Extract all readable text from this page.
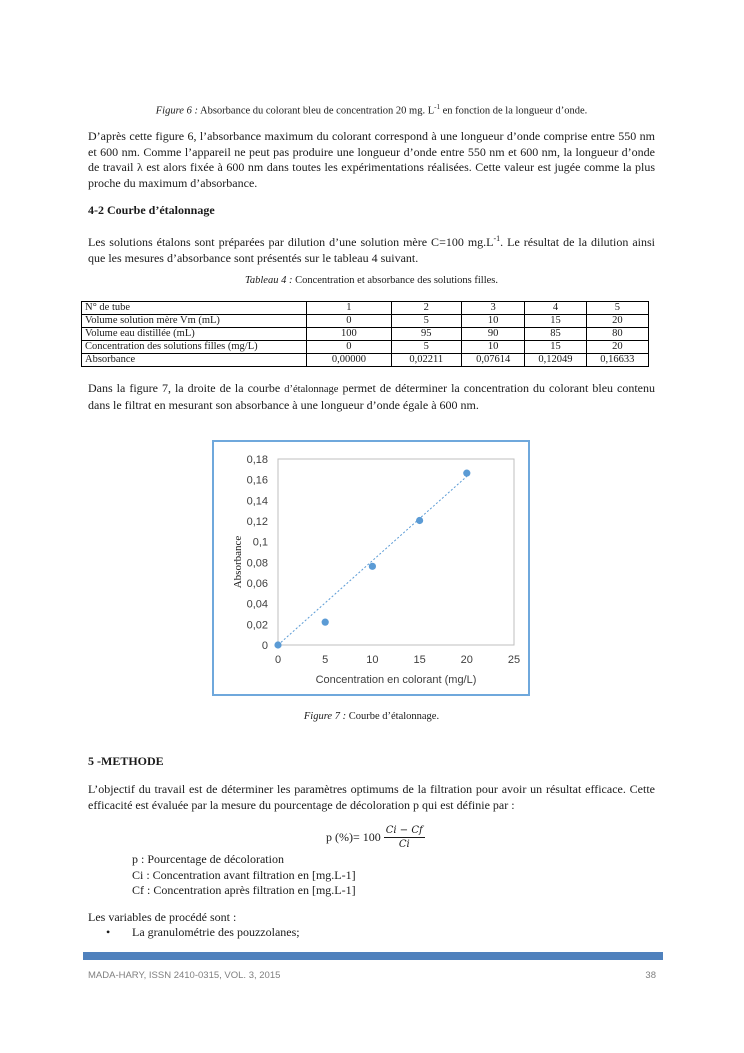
Figure 6 : Absorbance du colorant bleu de concentration 20 mg. $L^{-1}$ en fonction de la longueur d’onde.
D’après cette figure 6, l’absorbance maximum du colorant correspond à une longueur d’onde comprise entre 550 nm et 600 nm. Comme l’appareil ne peut pas produire une longueur d’onde entre 550 nm et 600 nm, la longueur d’onde de travail λ est alors fixée à 600 nm dans toutes les expérimentations réalisées. Cette valeur est jugée comme la plus proche du maximum d’absorbance.
4-2 Courbe d’étalonnage
Les solutions étalons sont préparées par dilution d’une solution mère C=100 $mg.L^{-1}$. Le résultat de la dilution ainsi que les mesures d’absorbance sont présentés sur le tableau 4 suivant.
Tableau 4 : Concentration et absorbance des solutions filles.
N° de tube	1	2	3	4	5
Volume solution mère Vm (mL)	0	5	10	15	20
Volume eau distillée (mL)	100	95	90	85	80
Concentration des solutions filles (mg/L)	0	5	10	15	20
Absorbance	0,00000	0,02211	0,07614	0,12049	0,16633
Dans la figure 7, la droite de la courbe d’étalonnage permet de déterminer la concentration du colorant bleu contenu dans le filtrat en mesurant son absorbance à une longueur d’onde égale à 600 nm.
0
0,02
0,04
0,06
0,08
0,1
0,12
0,14
0,16
0,18
0	5	10	15	20	25
Concentration en colorant (mg/L)
Absorbance
Figure 7 : Courbe d’étalonnage.
5 -METHODE
L’objectif du travail est de déterminer les paramètres optimums de la filtration pour avoir un résultat efficace. Cette efficacité est évaluée par la mesure du pourcentage de décoloration p qui est définie par :
p (%)= $100 \frac{Ci - Cf}{Ci}$
p : Pourcentage de décoloration
Ci : Concentration avant filtration en [mg.L-1]
Cf : Concentration après filtration en [mg.L-1]
Les variables de procédé sont :
• La granulométrie des pouzzolanes;
MADA-HARY, ISSN 2410-0315, VOL. 3, 2015	38
